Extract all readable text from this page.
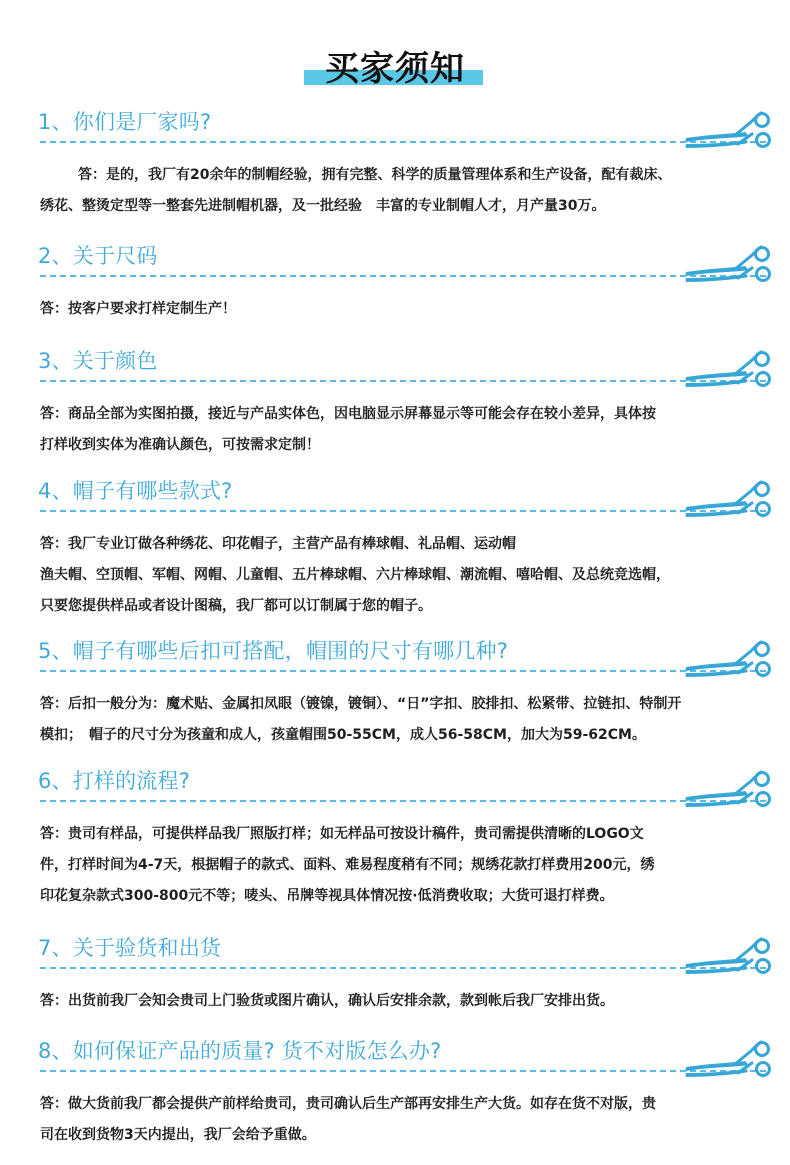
买家须知
1、你们是厂家吗?
答：是的，我厂有20余年的制帽经验，拥有完整、科学的质量管理体系和生产设备，配有裁床、
绣花、整烫定型等一整套先进制帽机器，及一批经验　丰富的专业制帽人才，月产量30万。
2、关于尺码
答：按客户要求打样定制生产！
3、关于颜色
答：商品全部为实图拍摄，接近与产品实体色，因电脑显示屏幕显示等可能会存在较小差异，具体按
打样收到实体为准确认颜色，可按需求定制！
4、帽子有哪些款式?
答：我厂专业订做各种绣花、印花帽子，主营产品有棒球帽、礼品帽、运动帽
渔夫帽、空顶帽、军帽、网帽、儿童帽、五片棒球帽、六片棒球帽、潮流帽、嘻哈帽、及总统竞选帽，
只要您提供样品或者设计图稿，我厂都可以订制属于您的帽子。
5、帽子有哪些后扣可搭配，帽围的尺寸有哪几种?
答：后扣一般分为：魔术贴、金属扣凤眼（镀镍，镀铜）、“日”字扣、胶排扣、松紧带、拉链扣、特制开
模扣；　帽子的尺寸分为孩童和成人，孩童帽围50-55CM，成人56-58CM，加大为59-62CM。
6、打样的流程?
答：贵司有样品，可提供样品我厂照版打样；如无样品可按设计稿件，贵司需提供清晰的LOGO文
件，打样时间为4-7天，根据帽子的款式、面料、难易程度稍有不同；规绣花款打样费用200元，绣
印花复杂款式300-800元不等；唛头、吊牌等视具体情况按·低消费收取；大货可退打样费。
7、关于验货和出货
答：出货前我厂会知会贵司上门验货或图片确认，确认后安排余款，款到帐后我厂安排出货。
8、如何保证产品的质量? 货不对版怎么办?
答：做大货前我厂都会提供产前样给贵司，贵司确认后生产部再安排生产大货。如存在货不对版，贵
司在收到货物3天内提出，我厂会给予重做。
